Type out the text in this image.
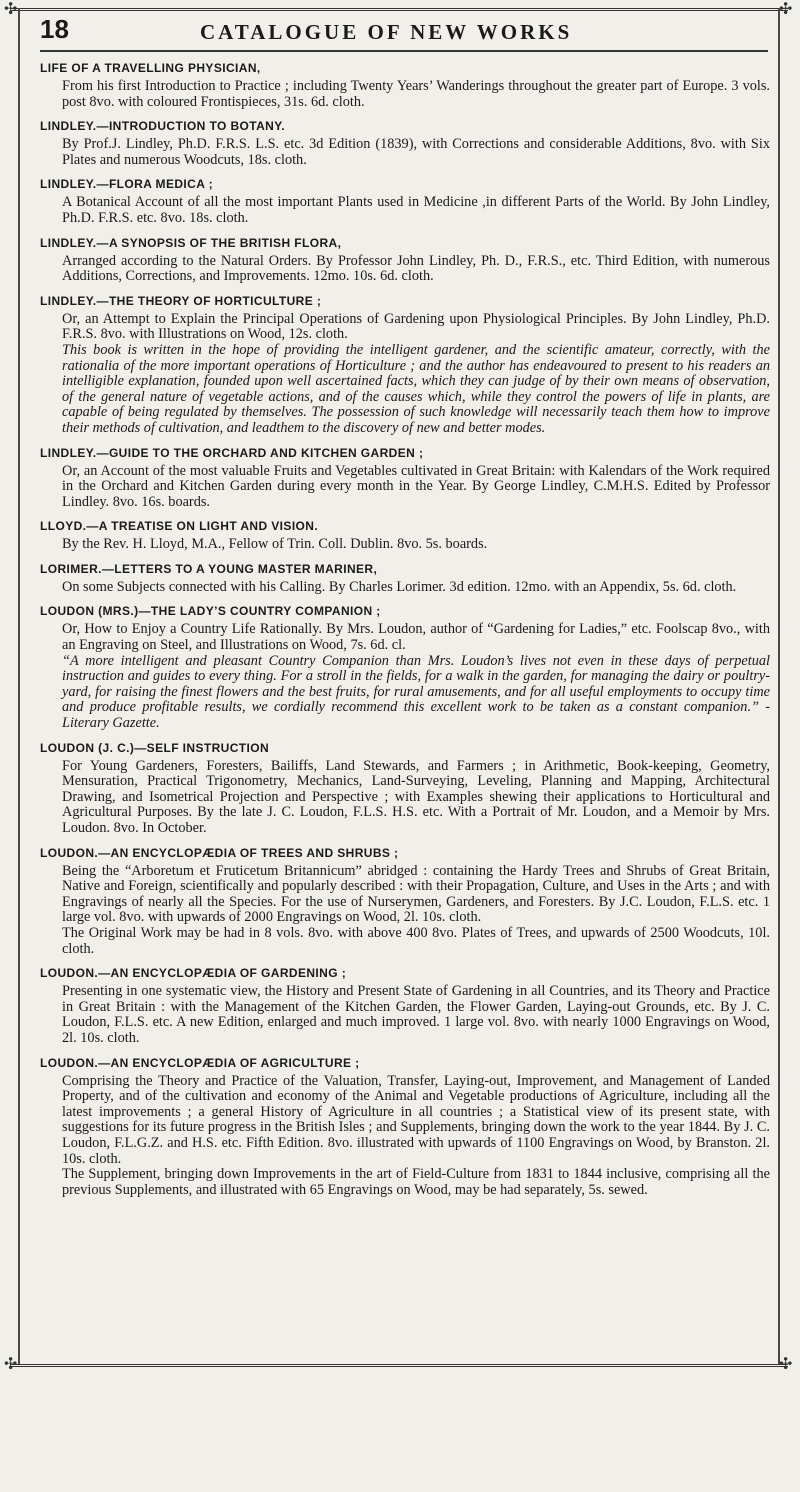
✣	✣
✣	✣
18	CATALOGUE OF NEW WORKS
LIFE OF A TRAVELLING PHYSICIAN,
From his first Introduction to Practice ; including Twenty Years’ Wanderings throughout the greater part of Europe. 3 vols. post 8vo. with coloured Frontispieces, 31s. 6d. cloth.
LINDLEY.—INTRODUCTION TO BOTANY.
By Prof.J. Lindley, Ph.D. F.R.S. L.S. etc. 3d Edition (1839), with Corrections and considerable Additions, 8vo. with Six Plates and numerous Woodcuts, 18s. cloth.
LINDLEY.—FLORA MEDICA ;
A Botanical Account of all the most important Plants used in Medicine ,in different Parts of the World. By John Lindley, Ph.D. F.R.S. etc. 8vo. 18s. cloth.
LINDLEY.—A SYNOPSIS OF THE BRITISH FLORA,
Arranged according to the Natural Orders. By Professor John Lindley, Ph. D., F.R.S., etc. Third Edition, with numerous Additions, Corrections, and Improvements. 12mo. 10s. 6d. cloth.
LINDLEY.—THE THEORY OF HORTICULTURE ;
Or, an Attempt to Explain the Principal Operations of Gardening upon Physiological Principles. By John Lindley, Ph.D. F.R.S. 8vo. with Illustrations on Wood, 12s. cloth.
This book is written in the hope of providing the intelligent gardener, and the scientific amateur, correctly, with the rationalia of the more important operations of Horticulture ; and the author has endeavoured to present to his readers an intelligible explanation, founded upon well ascertained facts, which they can judge of by their own means of observation, of the general nature of vegetable actions, and of the causes which, while they control the powers of life in plants, are capable of being regulated by themselves. The possession of such knowledge will necessarily teach them how to improve their methods of cultivation, and leadthem to the discovery of new and better modes.
LINDLEY.—GUIDE TO THE ORCHARD AND KITCHEN GARDEN ;
Or, an Account of the most valuable Fruits and Vegetables cultivated in Great Britain: with Kalendars of the Work required in the Orchard and Kitchen Garden during every month in the Year. By George Lindley, C.M.H.S. Edited by Professor Lindley. 8vo. 16s. boards.
LLOYD.—A TREATISE ON LIGHT AND VISION.
By the Rev. H. Lloyd, M.A., Fellow of Trin. Coll. Dublin. 8vo. 5s. boards.
LORIMER.—LETTERS TO A YOUNG MASTER MARINER,
On some Subjects connected with his Calling. By Charles Lorimer. 3d edition. 12mo. with an Appendix, 5s. 6d. cloth.
LOUDON (MRS.)—THE LADY’S COUNTRY COMPANION ;
Or, How to Enjoy a Country Life Rationally. By Mrs. Loudon, author of “Gardening for Ladies,” etc. Foolscap 8vo., with an Engraving on Steel, and Illustrations on Wood, 7s. 6d. cl.
“A more intelligent and pleasant Country Companion than Mrs. Loudon’s lives not even in these days of perpetual instruction and guides to every thing. For a stroll in the fields, for a walk in the garden, for managing the dairy or poultry-yard, for raising the finest flowers and the best fruits, for rural amusements, and for all useful employments to occupy time and produce profitable results, we cordially recommend this excellent work to be taken as a constant companion.” -Literary Gazette.
LOUDON (J. C.)—SELF INSTRUCTION
For Young Gardeners, Foresters, Bailiffs, Land Stewards, and Farmers ; in Arithmetic, Book-keeping, Geometry, Mensuration, Practical Trigonometry, Mechanics, Land-Surveying, Leveling, Planning and Mapping, Architectural Drawing, and Isometrical Projection and Perspective ; with Examples shewing their applications to Horticultural and Agricultural Purposes. By the late J. C. Loudon, F.L.S. H.S. etc. With a Portrait of Mr. Loudon, and a Memoir by Mrs. Loudon. 8vo. In October.
LOUDON.—AN ENCYCLOPÆDIA OF TREES AND SHRUBS ;
Being the “Arboretum et Fruticetum Britannicum” abridged : containing the Hardy Trees and Shrubs of Great Britain, Native and Foreign, scientifically and popularly described : with their Propagation, Culture, and Uses in the Arts ; and with Engravings of nearly all the Species. For the use of Nurserymen, Gardeners, and Foresters. By J.C. Loudon, F.L.S. etc. 1 large vol. 8vo. with upwards of 2000 Engravings on Wood, 2l. 10s. cloth.
The Original Work may be had in 8 vols. 8vo. with above 400 8vo. Plates of Trees, and upwards of 2500 Woodcuts, 10l. cloth.
LOUDON.—AN ENCYCLOPÆDIA OF GARDENING ;
Presenting in one systematic view, the History and Present State of Gardening in all Countries, and its Theory and Practice in Great Britain : with the Management of the Kitchen Garden, the Flower Garden, Laying-out Grounds, etc. By J. C. Loudon, F.L.S. etc. A new Edition, enlarged and much improved. 1 large vol. 8vo. with nearly 1000 Engravings on Wood, 2l. 10s. cloth.
LOUDON.—AN ENCYCLOPÆDIA OF AGRICULTURE ;
Comprising the Theory and Practice of the Valuation, Transfer, Laying-out, Improvement, and Management of Landed Property, and of the cultivation and economy of the Animal and Vegetable productions of Agriculture, including all the latest improvements ; a general History of Agriculture in all countries ; a Statistical view of its present state, with suggestions for its future progress in the British Isles ; and Supplements, bringing down the work to the year 1844. By J. C. Loudon, F.L.G.Z. and H.S. etc. Fifth Edition. 8vo. illustrated with upwards of 1100 Engravings on Wood, by Branston. 2l. 10s. cloth.
The Supplement, bringing down Improvements in the art of Field-Culture from 1831 to 1844 inclusive, comprising all the previous Supplements, and illustrated with 65 Engravings on Wood, may be had separately, 5s. sewed.
